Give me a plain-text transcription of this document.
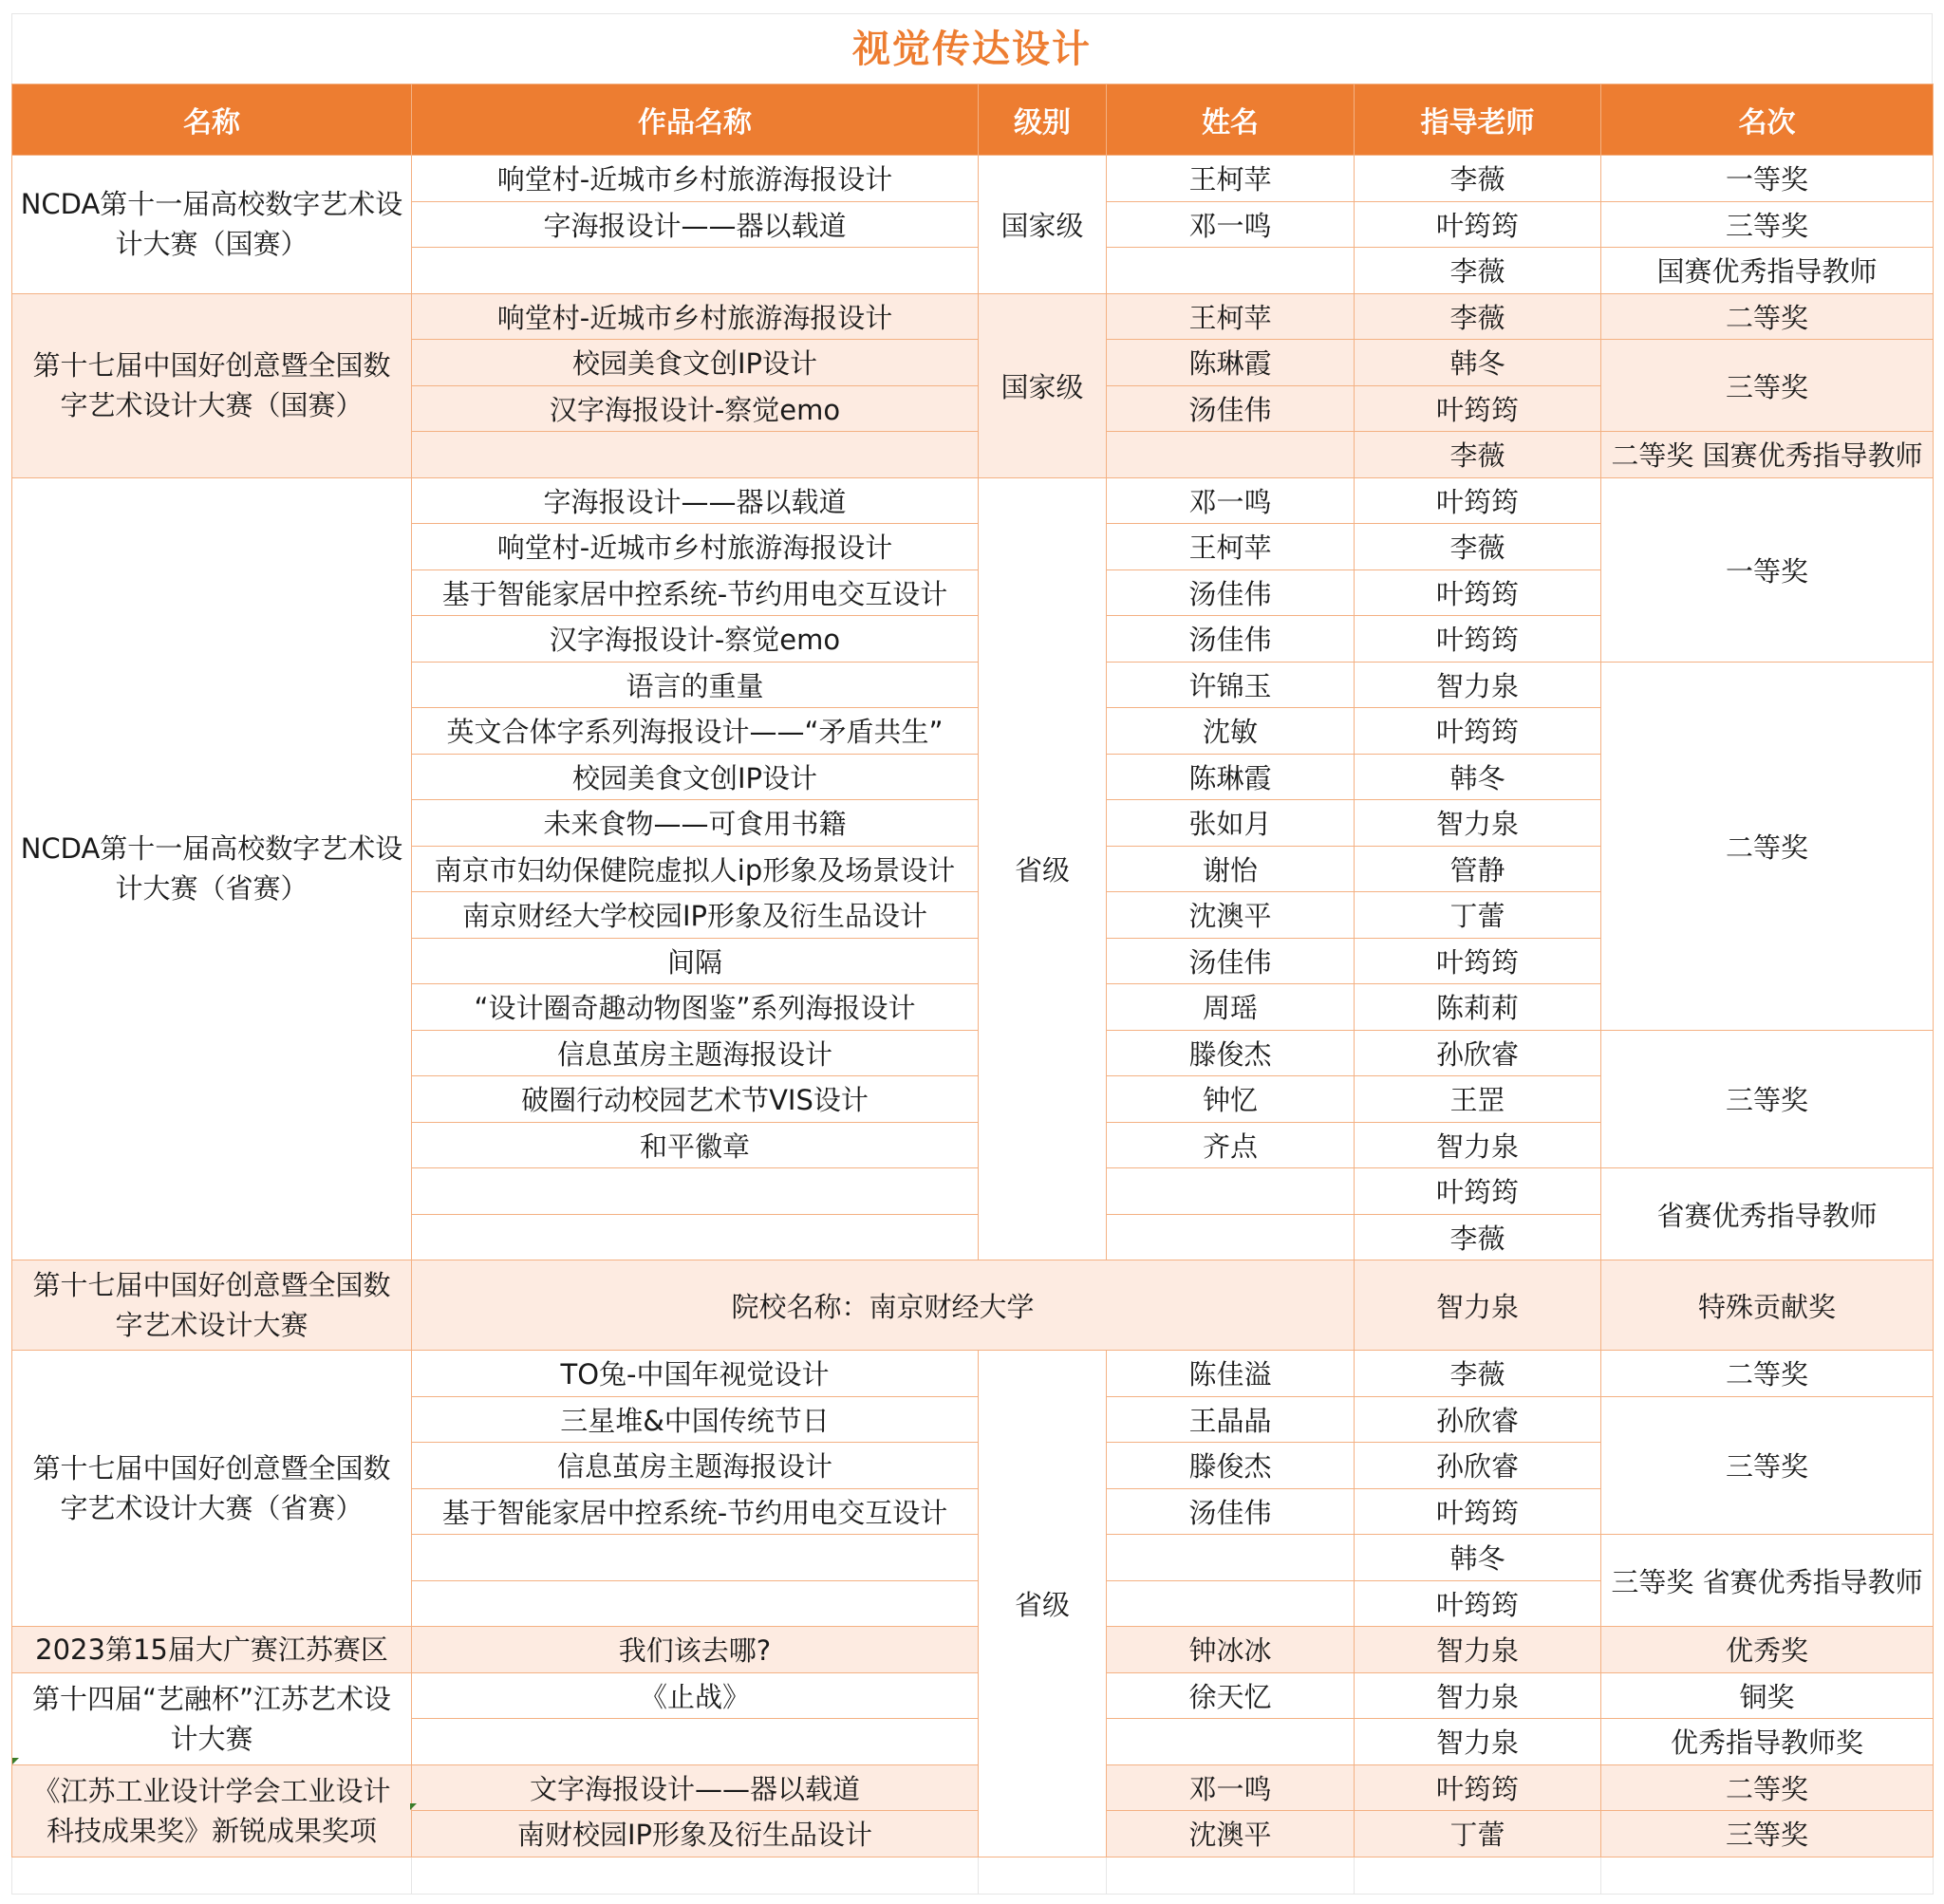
视觉传达设计
名称	作品名称	级别	姓名	指导老师	名次
NCDA第十一届高校数字艺术设计大赛（国赛）	响堂村-近城市乡村旅游海报设计	国家级	王柯苹	李薇	一等奖
	字海报设计——器以载道		邓一鸣	叶筠筠	三等奖
				李薇	国赛优秀指导教师
第十七届中国好创意暨全国数字艺术设计大赛（国赛）	响堂村-近城市乡村旅游海报设计	国家级	王柯苹	李薇	二等奖
	校园美食文创IP设计		陈琳霞	韩冬	三等奖
	汉字海报设计-察觉emo		汤佳伟	叶筠筠	
				李薇	二等奖 国赛优秀指导教师
NCDA第十一届高校数字艺术设计大赛（省赛）	字海报设计——器以载道	省级	邓一鸣	叶筠筠	一等奖
	响堂村-近城市乡村旅游海报设计		王柯苹	李薇	
	基于智能家居中控系统-节约用电交互设计		汤佳伟	叶筠筠	
	汉字海报设计-察觉emo		汤佳伟	叶筠筠	
	语言的重量		许锦玉	智力泉	二等奖
	英文合体字系列海报设计——“矛盾共生”		沈敏	叶筠筠	
	校园美食文创IP设计		陈琳霞	韩冬	
	未来食物——可食用书籍		张如月	智力泉	
	南京市妇幼保健院虚拟人ip形象及场景设计		谢怡	管静	
	南京财经大学校园IP形象及衍生品设计		沈澳平	丁蕾	
	间隔		汤佳伟	叶筠筠	
	“设计圈奇趣动物图鉴”系列海报设计		周瑶	陈莉莉	
	信息茧房主题海报设计		滕俊杰	孙欣睿	三等奖
	破圈行动校园艺术节VIS设计		钟忆	王罡	
	和平徽章		齐点	智力泉	
				叶筠筠	省赛优秀指导教师
				李薇	
第十七届中国好创意暨全国数字艺术设计大赛	院校名称：南京财经大学			智力泉	特殊贡献奖
第十七届中国好创意暨全国数字艺术设计大赛（省赛）	TO兔-中国年视觉设计	省级	陈佳溢	李薇	二等奖
	三星堆&中国传统节日		王晶晶	孙欣睿	三等奖
	信息茧房主题海报设计		滕俊杰	孙欣睿	
	基于智能家居中控系统-节约用电交互设计		汤佳伟	叶筠筠	
				韩冬	三等奖 省赛优秀指导教师
				叶筠筠	
2023第15届大广赛江苏赛区	我们该去哪?		钟冰冰	智力泉	优秀奖
第十四届“艺融杯”江苏艺术设计大赛	《止战》		徐天忆	智力泉	铜奖
				智力泉	优秀指导教师奖
《江苏工业设计学会工业设计科技成果奖》新锐成果奖项	文字海报设计——器以载道		邓一鸣	叶筠筠	二等奖
	南财校园IP形象及衍生品设计		沈澳平	丁蕾	三等奖
